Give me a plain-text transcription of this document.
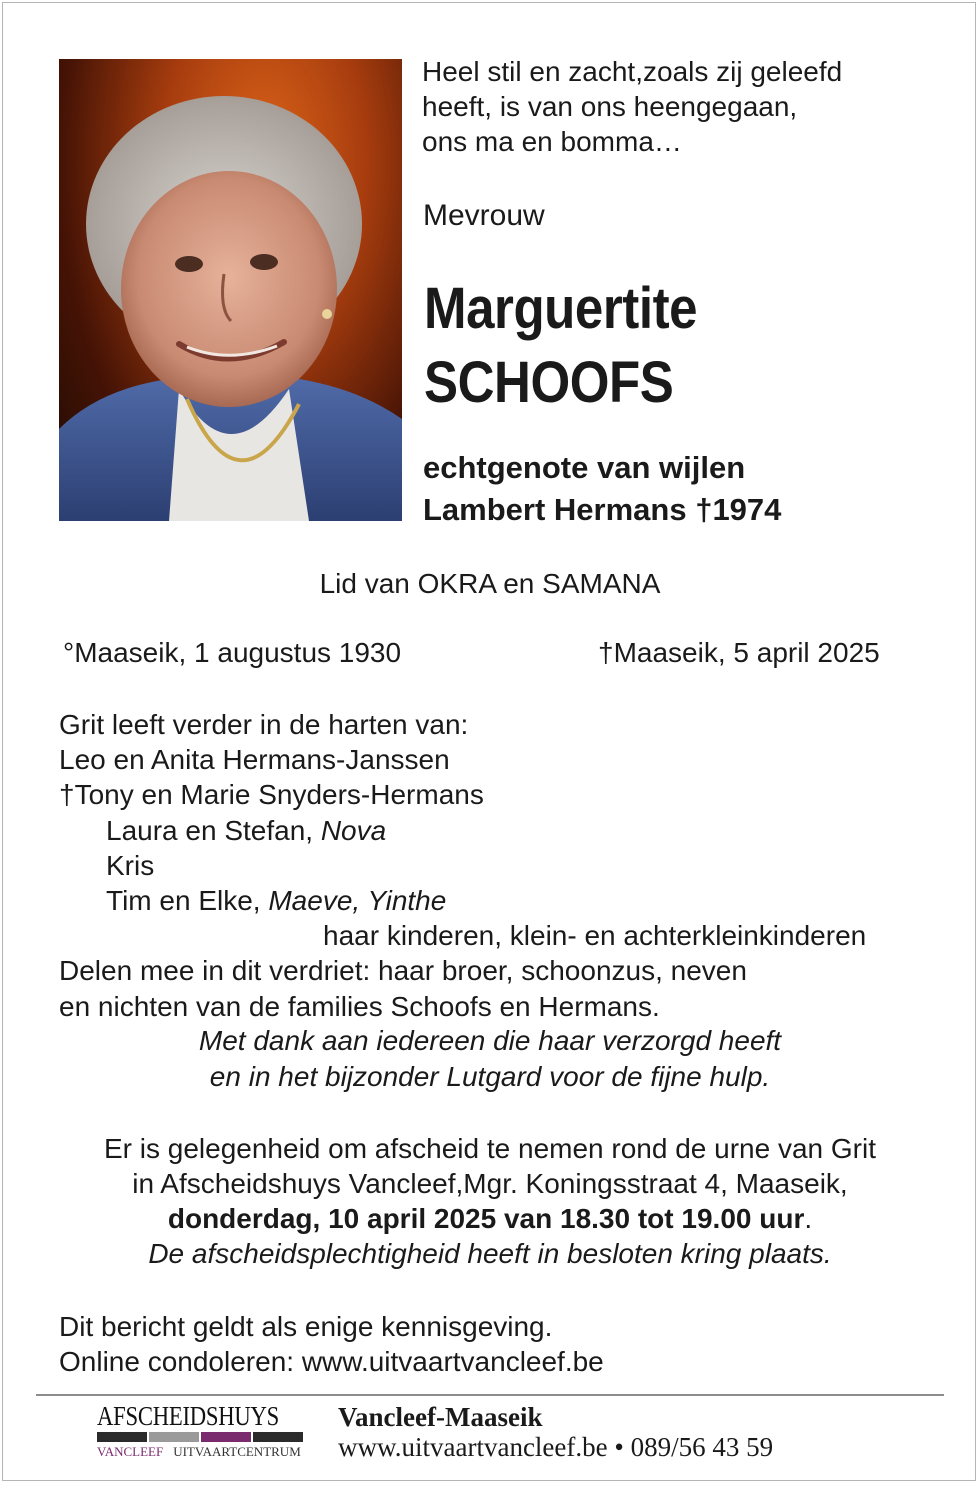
Heel stil en zacht,zoals zij geleefd
heeft, is van ons heengegaan,
ons ma en bomma…
Mevrouw
Marguertite
SCHOOFS
echtgenote van wijlen
Lambert Hermans †1974
Lid van OKRA en SAMANA
°Maaseik, 1 augustus 1930	†Maaseik, 5 april 2025
Grit leeft verder in de harten van:
Leo en Anita Hermans-Janssen
†Tony en Marie Snyders-Hermans
Laura en Stefan, Nova
Kris
Tim en Elke, Maeve, Yinthe
haar kinderen, klein- en achterkleinkinderen
Delen mee in dit verdriet: haar broer, schoonzus, neven
en nichten van de families Schoofs en Hermans.
Met dank aan iedereen die haar verzorgd heeft
en in het bijzonder Lutgard voor de fijne hulp.
Er is gelegenheid om afscheid te nemen rond de urne van Grit
in Afscheidshuys Vancleef,Mgr. Koningsstraat 4, Maaseik,
donderdag, 10 april 2025 van 18.30 tot 19.00 uur.
De afscheidsplechtigheid heeft in besloten kring plaats.
Dit bericht geldt als enige kennisgeving.
Online condoleren: www.uitvaartvancleef.be
AFSCHEIDSHUYS
VANCLEEF UITVAARTCENTRUM
Vancleef-Maaseik
www.uitvaartvancleef.be • 089/56 43 59
